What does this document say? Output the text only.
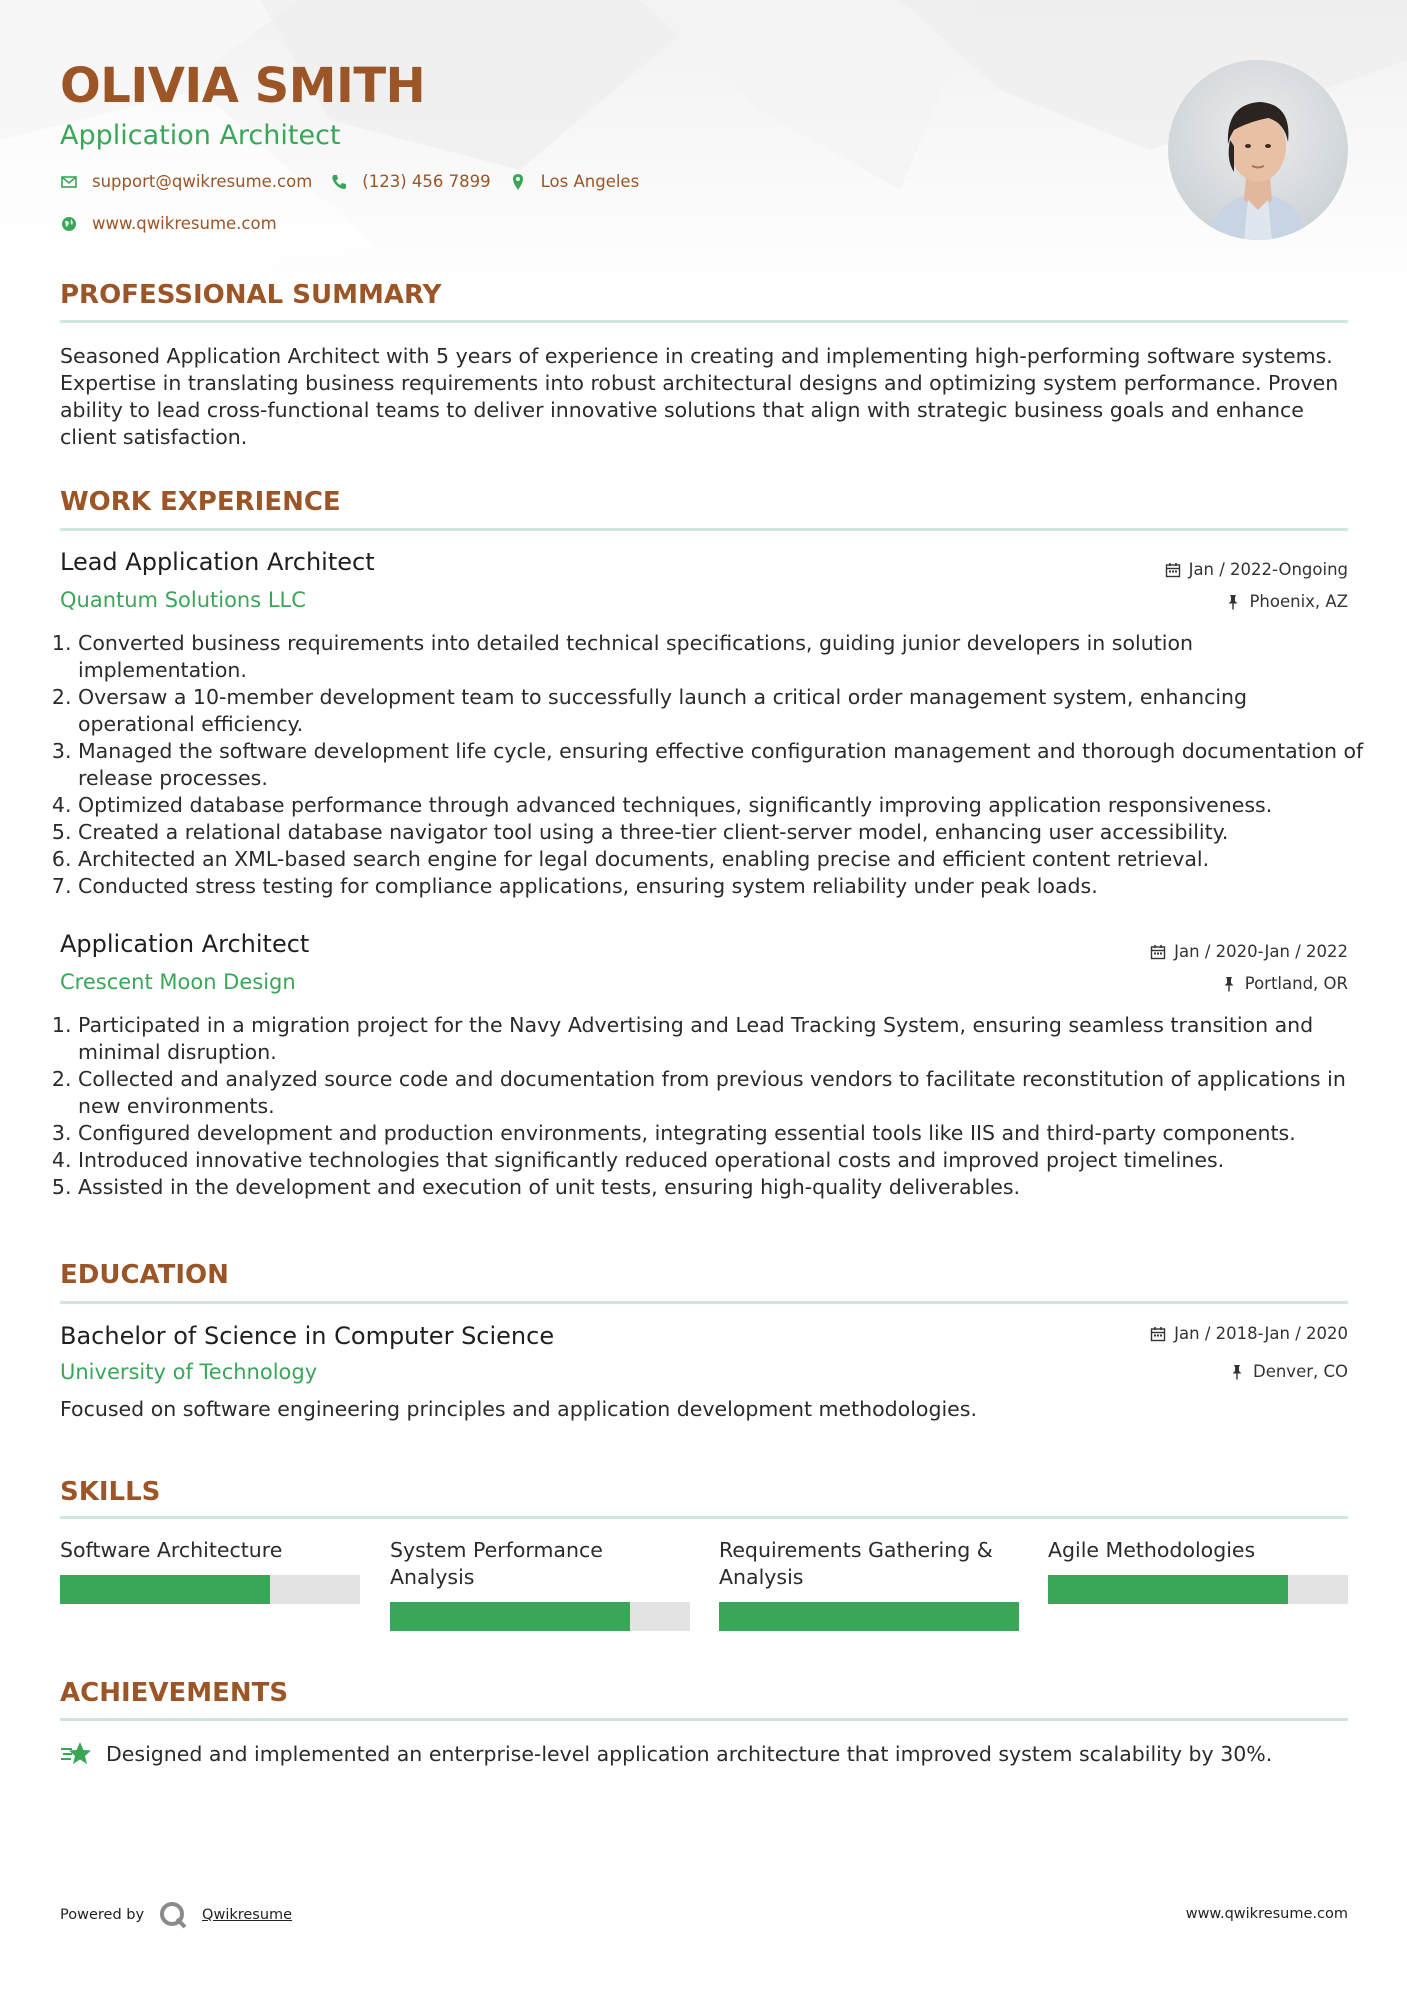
OLIVIA SMITH
Application Architect
support@qwikresume.com	(123) 456 7899	Los Angeles
www.qwikresume.com
PROFESSIONAL SUMMARY

Seasoned Application Architect with 5 years of experience in creating and implementing high-performing software systems. Expertise in translating business requirements into robust architectural designs and optimizing system performance. Proven ability to lead cross-functional teams to deliver innovative solutions that align with strategic business goals and enhance client satisfaction.

WORK EXPERIENCE
Lead Application Architect	Jan / 2022-Ongoing
Quantum Solutions LLC	Phoenix, AZ
1. Converted business requirements into detailed technical specifications, guiding junior developers in solution implementation.
2. Oversaw a 10-member development team to successfully launch a critical order management system, enhancing operational efficiency.
3. Managed the software development life cycle, ensuring effective configuration management and thorough documentation of release processes.
4. Optimized database performance through advanced techniques, significantly improving application responsiveness.
5. Created a relational database navigator tool using a three-tier client-server model, enhancing user accessibility.
6. Architected an XML-based search engine for legal documents, enabling precise and efficient content retrieval.
7. Conducted stress testing for compliance applications, ensuring system reliability under peak loads.
Application Architect	Jan / 2020-Jan / 2022
Crescent Moon Design	Portland, OR
1. Participated in a migration project for the Navy Advertising and Lead Tracking System, ensuring seamless transition and minimal disruption.
2. Collected and analyzed source code and documentation from previous vendors to facilitate reconstitution of applications in new environments.
3. Configured development and production environments, integrating essential tools like IIS and third-party components.
4. Introduced innovative technologies that significantly reduced operational costs and improved project timelines.
5. Assisted in the development and execution of unit tests, ensuring high-quality deliverables.
EDUCATION
Bachelor of Science in Computer Science	Jan / 2018-Jan / 2020
University of Technology	Denver, CO
Focused on software engineering principles and application development methodologies.
SKILLS
Software Architecture	System Performance Analysis
Requirements Gathering & Analysis
Agile Methodologies
ACHIEVEMENTS
Designed and implemented an enterprise-level application architecture that improved system scalability by 30%.
Powered by	Qwikresume	www.qwikresume.com
